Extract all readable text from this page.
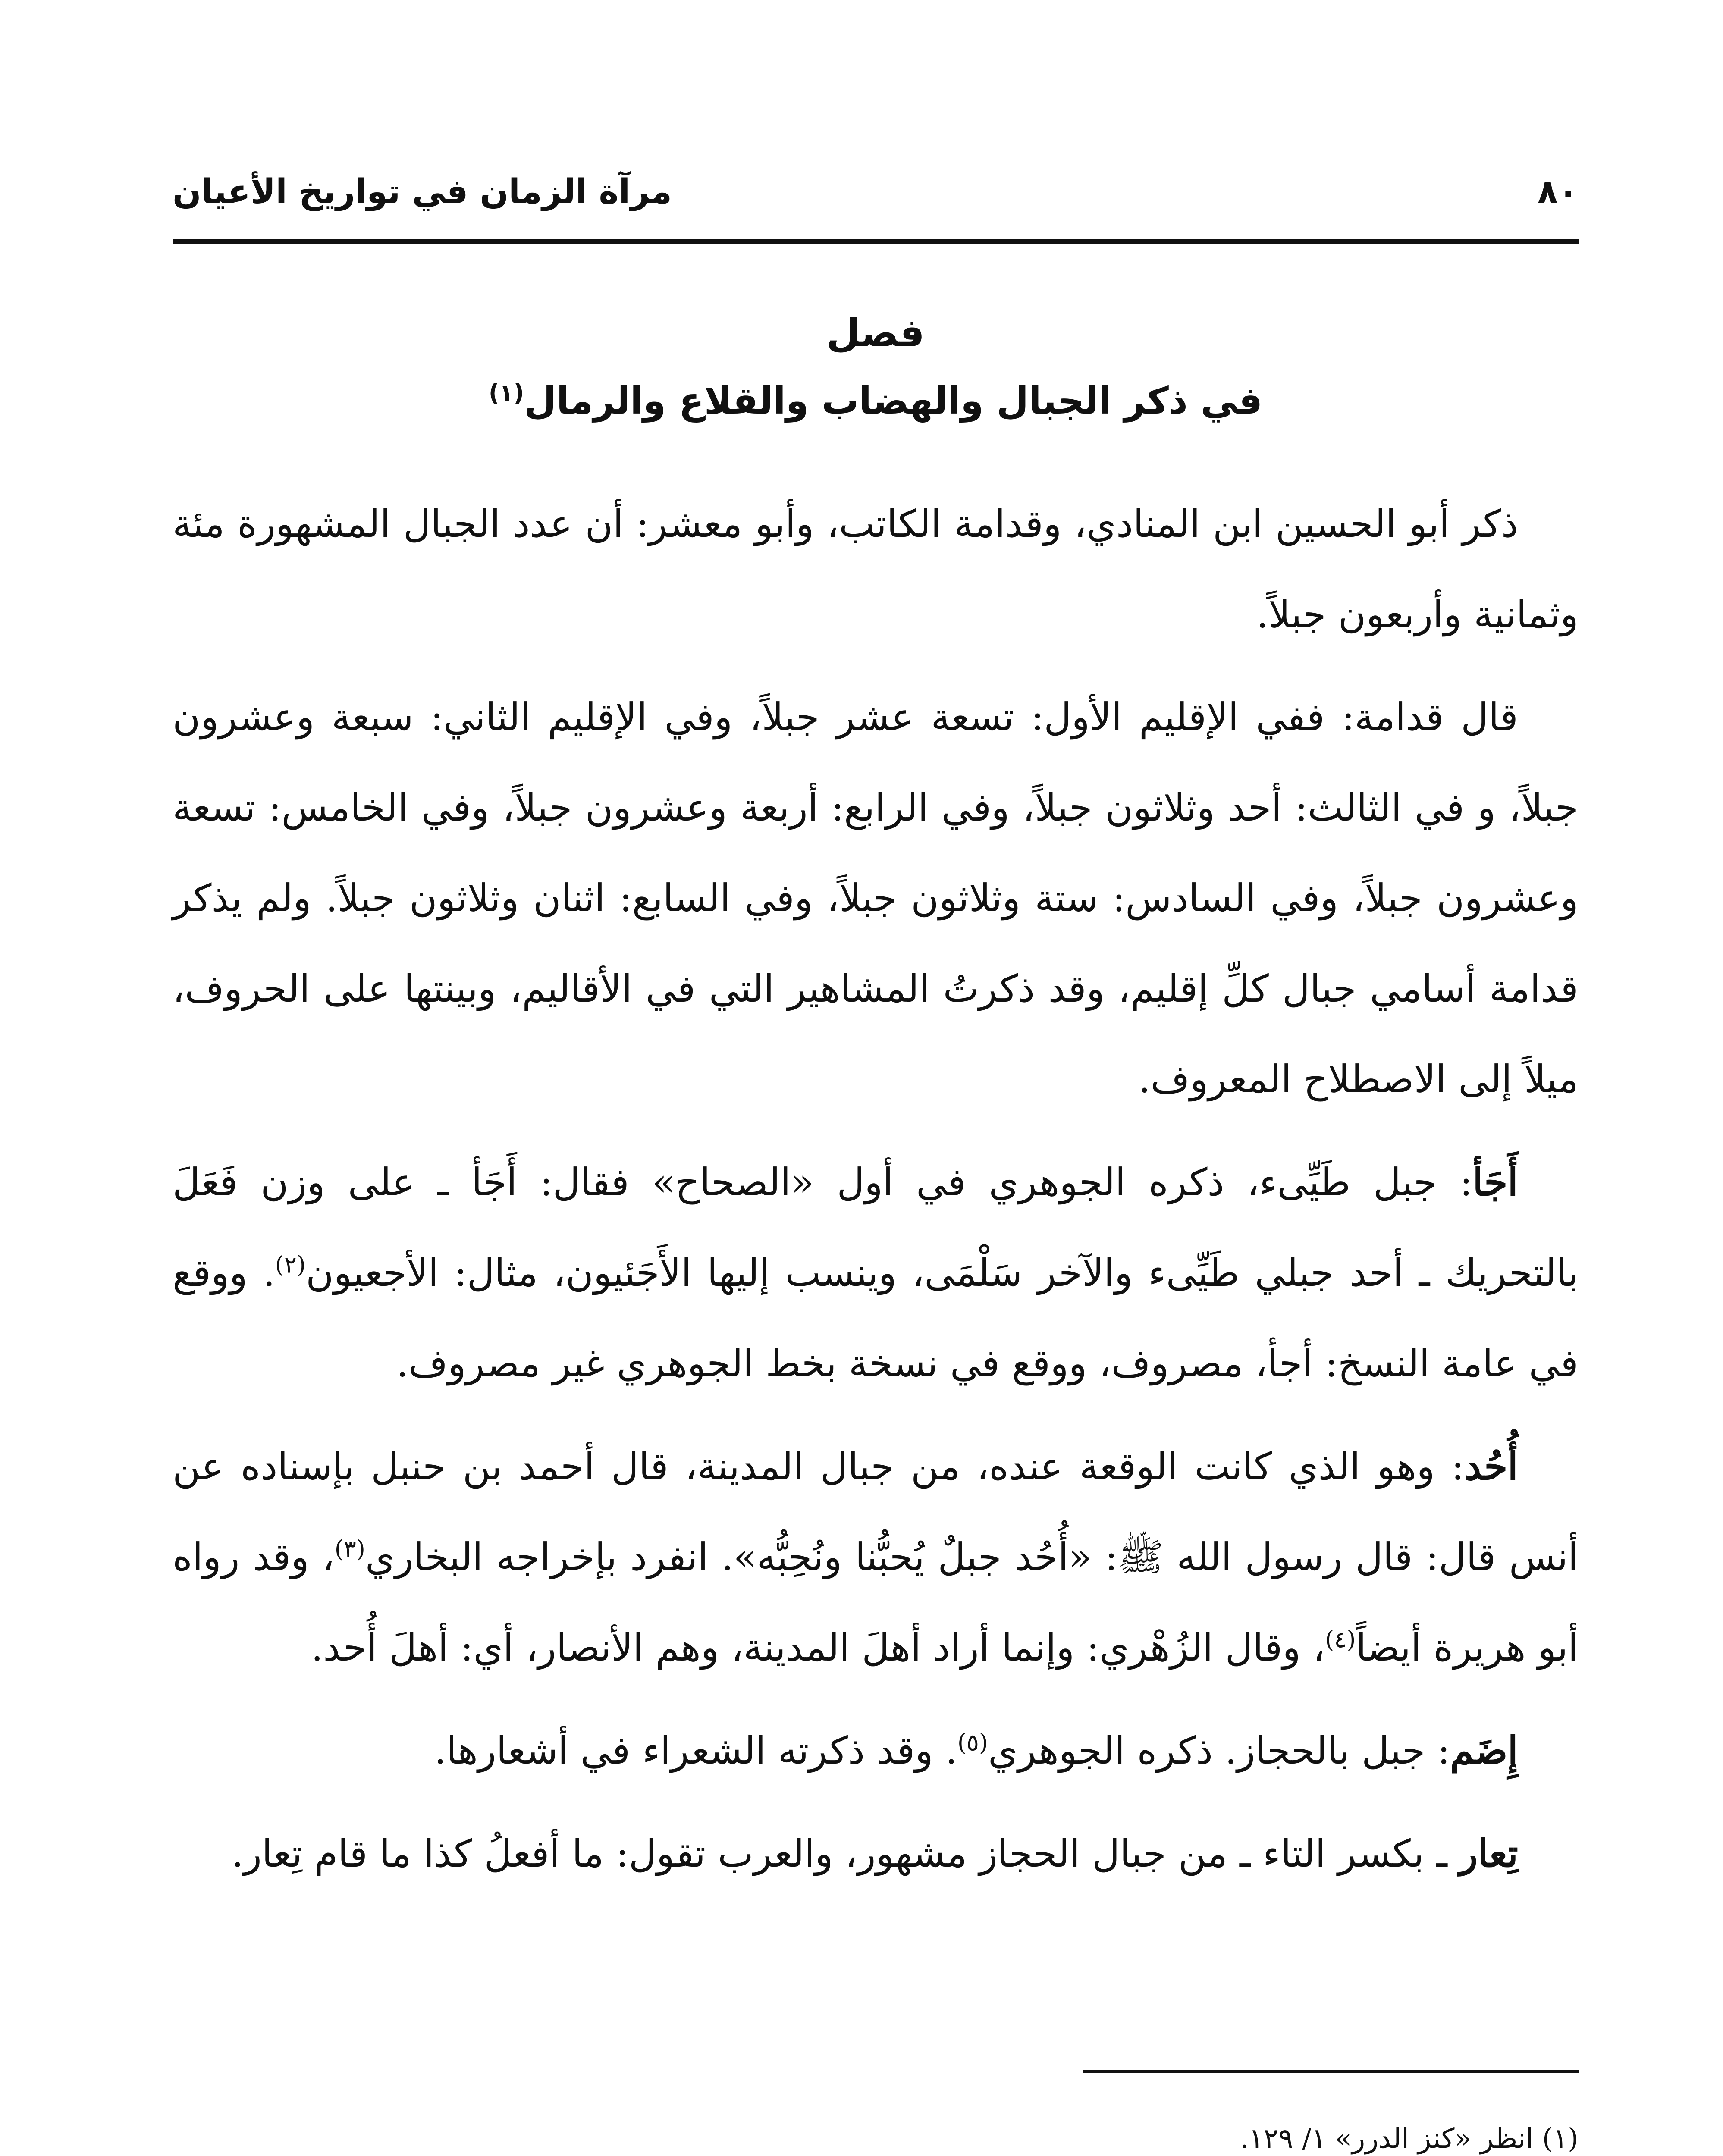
٨٠
مرآة الزمان في تواريخ الأعيان
فصل
في ذكر الجبال والهضاب والقلاع والرمال$^{(١)}$

ذكر أبو الحسين ابن المنادي، وقدامة الكاتب، وأبو معشر: أن عدد الجبال المشهورة مئة وثمانية وأربعون جبلاً.

قال قدامة: ففي الإقليم الأول: تسعة عشر جبلاً، وفي الإقليم الثاني: سبعة وعشرون جبلاً، و في الثالث: أحد وثلاثون جبلاً، وفي الرابع: أربعة وعشرون جبلاً، وفي الخامس: تسعة وعشرون جبلاً، وفي السادس: ستة وثلاثون جبلاً، وفي السابع: اثنان وثلاثون جبلاً. ولم يذكر قدامة أسامي جبال كلِّ إقليم، وقد ذكرتُ المشاهير التي في الأقاليم، وبينتها على الحروف، ميلاً إلى الاصطلاح المعروف.

أَجَأ: جبل طَيِّىء، ذكره الجوهري في أول «الصحاح» فقال: أَجَأ ـ على وزن فَعَلَ بالتحريك ـ أحد جبلي طَيِّىء والآخر سَلْمَى، وينسب إليها الأَجَئيون، مثال: الأجعيون$^{(٢)}$. ووقع في عامة النسخ: أجأ، مصروف، ووقع في نسخة بخط الجوهري غير مصروف.

أُحُد: وهو الذي كانت الوقعة عنده، من جبال المدينة، قال أحمد بن حنبل بإسناده عن أنس قال: قال رسول الله ﷺ: «أُحُد جبلٌ يُحبُّنا ونُحِبُّه». انفرد بإخراجه البخاري$^{(٣)}$، وقد رواه أبو هريرة أيضاً$^{(٤)}$، وقال الزُهْري: وإنما أراد أهلَ المدينة، وهم الأنصار، أي: أهلَ أُحد.

إِضَم: جبل بالحجاز. ذكره الجوهري$^{(٥)}$. وقد ذكرته الشعراء في أشعارها.

تِعار ـ بكسر التاء ـ من جبال الحجاز مشهور، والعرب تقول: ما أفعلُ كذا ما قام تِعار.

(١) انظر «كنز الدرر» ١/ ١٢٩.
